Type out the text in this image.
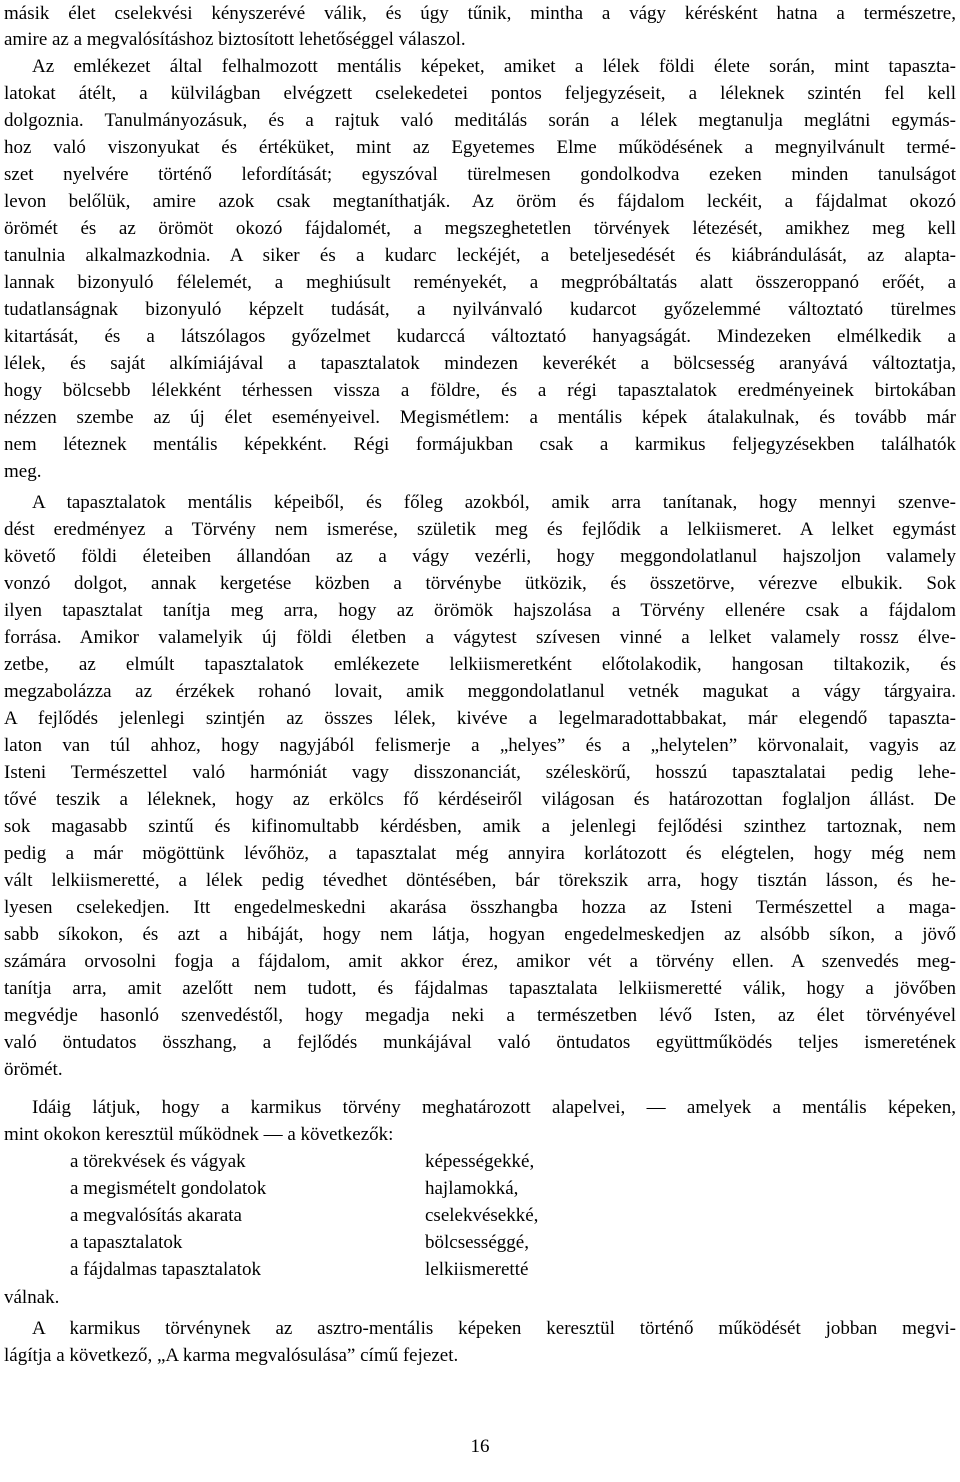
másik élet cselekvési kényszerévé válik, és úgy tűnik, mintha a vágy kérésként hatna a természetre,
amire az a megvalósításhoz biztosított lehetőséggel válaszol.
Az emlékezet által felhalmozott mentális képeket, amiket a lélek földi élete során, mint tapaszta-
latokat átélt, a külvilágban elvégzett cselekedetei pontos feljegyzéseit, a léleknek szintén fel kell
dolgoznia. Tanulmányozásuk, és a rajtuk való meditálás során a lélek megtanulja meglátni egymás-
hoz való viszonyukat és értéküket, mint az Egyetemes Elme működésének a megnyilvánult termé-
szet nyelvére történő lefordítását; egyszóval türelmesen gondolkodva ezeken minden tanulságot
levon belőlük, amire azok csak megtaníthatják. Az öröm és fájdalom leckéit, a fájdalmat okozó
örömét és az örömöt okozó fájdalomét, a megszeghetetlen törvények létezését, amikhez meg kell
tanulnia alkalmazkodnia. A siker és a kudarc leckéjét, a beteljesedését és kiábrándulását, az alapta-
lannak bizonyuló félelemét, a meghiúsult reményekét, a megpróbáltatás alatt összeroppanó erőét, a
tudatlanságnak bizonyuló képzelt tudását, a nyilvánvaló kudarcot győzelemmé változtató türelmes
kitartását, és a látszólagos győzelmet kudarccá változtató hanyagságát. Mindezeken elmélkedik a
lélek, és saját alkímiájával a tapasztalatok mindezen keverékét a bölcsesség aranyává változtatja,
hogy bölcsebb lélekként térhessen vissza a földre, és a régi tapasztalatok eredményeinek birtokában
nézzen szembe az új élet eseményeivel. Megismétlem: a mentális képek átalakulnak, és tovább már
nem léteznek mentális képekként. Régi formájukban csak a karmikus feljegyzésekben találhatók
meg.
A tapasztalatok mentális képeiből, és főleg azokból, amik arra tanítanak, hogy mennyi szenve-
dést eredményez a Törvény nem ismerése, születik meg és fejlődik a lelkiismeret. A lelket egymást
követő földi életeiben állandóan az a vágy vezérli, hogy meggondolatlanul hajszoljon valamely
vonzó dolgot, annak kergetése közben a törvénybe ütközik, és összetörve, vérezve elbukik. Sok
ilyen tapasztalat tanítja meg arra, hogy az örömök hajszolása a Törvény ellenére csak a fájdalom
forrása. Amikor valamelyik új földi életben a vágytest szívesen vinné a lelket valamely rossz élve-
zetbe, az elmúlt tapasztalatok emlékezete lelkiismeretként előtolakodik, hangosan tiltakozik, és
megzabolázza az érzékek rohanó lovait, amik meggondolatlanul vetnék magukat a vágy tárgyaira.
A fejlődés jelenlegi szintjén az összes lélek, kivéve a legelmaradottabbakat, már elegendő tapaszta-
laton van túl ahhoz, hogy nagyjából felismerje a „helyes” és a „helytelen” körvonalait, vagyis az
Isteni Természettel való harmóniát vagy disszonanciát, széleskörű, hosszú tapasztalatai pedig lehe-
tővé teszik a léleknek, hogy az erkölcs fő kérdéseiről világosan és határozottan foglaljon állást. De
sok magasabb szintű és kifinomultabb kérdésben, amik a jelenlegi fejlődési szinthez tartoznak, nem
pedig a már mögöttünk lévőhöz, a tapasztalat még annyira korlátozott és elégtelen, hogy még nem
vált lelkiismeretté, a lélek pedig tévedhet döntésében, bár törekszik arra, hogy tisztán lásson, és he-
lyesen cselekedjen. Itt engedelmeskedni akarása összhangba hozza az Isteni Természettel a maga-
sabb síkokon, és azt a hibáját, hogy nem látja, hogyan engedelmeskedjen az alsóbb síkon, a jövő
számára orvosolni fogja a fájdalom, amit akkor érez, amikor vét a törvény ellen. A szenvedés meg-
tanítja arra, amit azelőtt nem tudott, és fájdalmas tapasztalata lelkiismeretté válik, hogy a jövőben
megvédje hasonló szenvedéstől, hogy megadja neki a természetben lévő Isten, az élet törvényével
való öntudatos összhang, a fejlődés munkájával való öntudatos együttműködés teljes ismeretének
örömét.
Idáig látjuk, hogy a karmikus törvény meghatározott alapelvei, — amelyek a mentális képeken,
mint okokon keresztül működnek — a következők:
a törekvések és vágyak	képességekké,
a megismételt gondolatok	hajlamokká,
a megvalósítás akarata	cselekvésekké,
a tapasztalatok	bölcsességgé,
a fájdalmas tapasztalatok	lelkiismeretté
válnak.
A karmikus törvénynek az asztro-mentális képeken keresztül történő működését jobban megvi-
lágítja a következő, „A karma megvalósulása” című fejezet.
16
